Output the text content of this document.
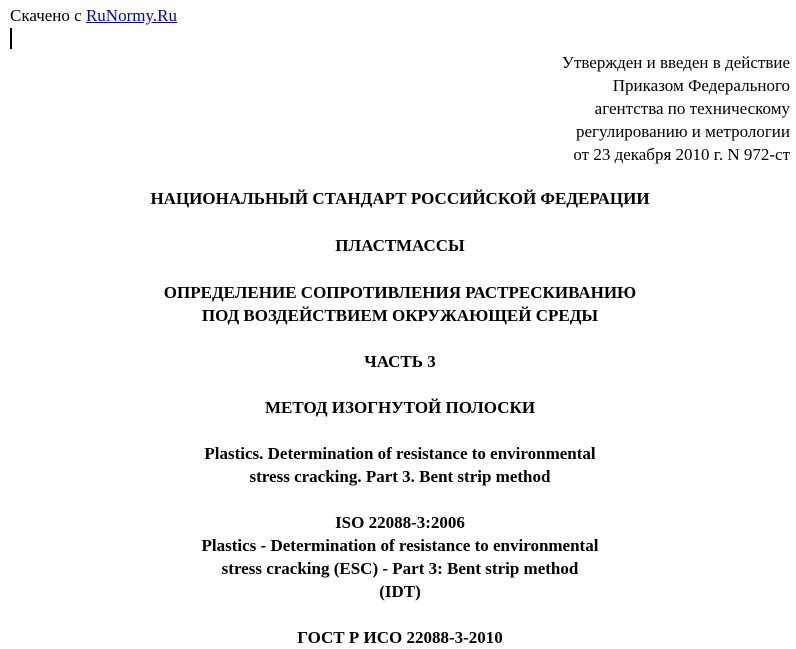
Скачено с RuNormy.Ru
Утвержден и введен в действие
Приказом Федерального
агентства по техническому
регулированию и метрологии
от 23 декабря 2010 г. N 972-ст
НАЦИОНАЛЬНЫЙ СТАНДАРТ РОССИЙСКОЙ ФЕДЕРАЦИИ
ПЛАСТМАССЫ
ОПРЕДЕЛЕНИЕ СОПРОТИВЛЕНИЯ РАСТРЕСКИВАНИЮ
ПОД ВОЗДЕЙСТВИЕМ ОКРУЖАЮЩЕЙ СРЕДЫ
ЧАСТЬ 3
МЕТОД ИЗОГНУТОЙ ПОЛОСКИ
Plastics. Determination of resistance to environmental
stress cracking. Part 3. Bent strip method
ISO 22088-3:2006
Plastics - Determination of resistance to environmental
stress cracking (ESC) - Part 3: Bent strip method
(IDT)
ГОСТ Р ИСО 22088-3-2010
